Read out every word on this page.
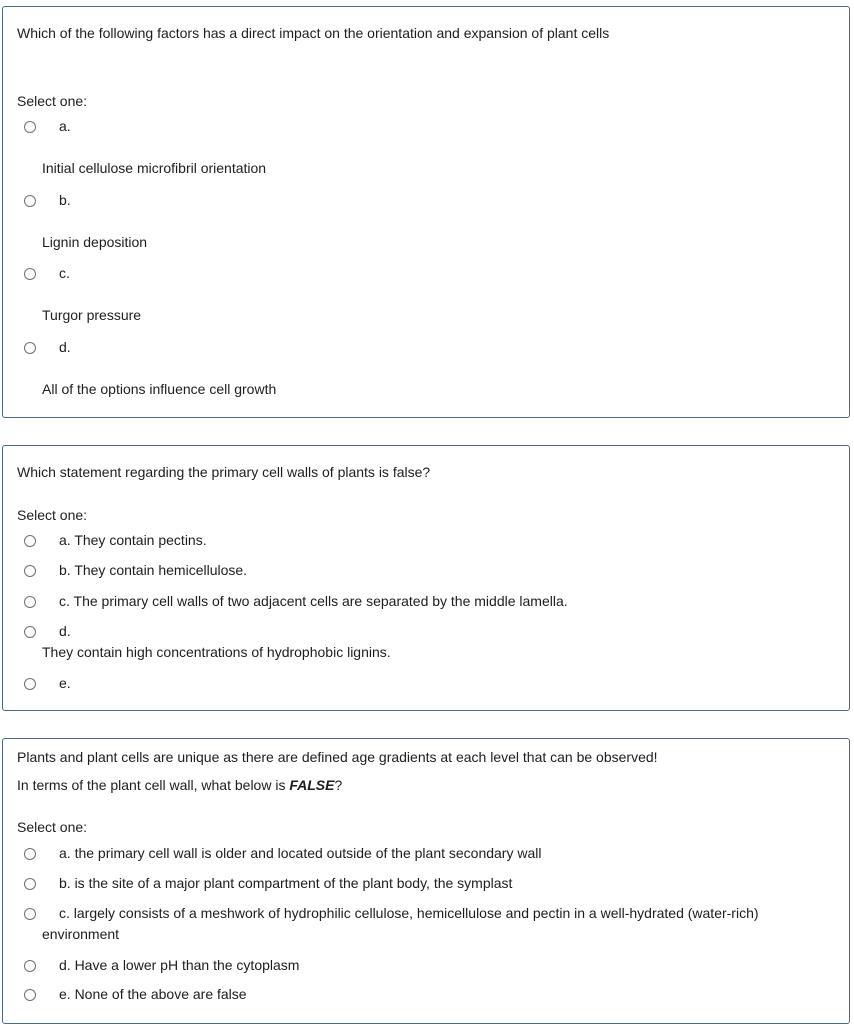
Which of the following factors has a direct impact on the orientation and expansion of plant cells
Select one:
a.
Initial cellulose microfibril orientation
b.
Lignin deposition
c.
Turgor pressure
d.
All of the options influence cell growth
Which statement regarding the primary cell walls of plants is false?
Select one:
a. They contain pectins.
b. They contain hemicellulose.
c. The primary cell walls of two adjacent cells are separated by the middle lamella.
d.
They contain high concentrations of hydrophobic lignins.
e.
Plants and plant cells are unique as there are defined age gradients at each level that can be observed!
In terms of the plant cell wall, what below is FALSE?
Select one:
a. the primary cell wall is older and located outside of the plant secondary wall
b. is the site of a major plant compartment of the plant body, the symplast
c. largely consists of a meshwork of hydrophilic cellulose, hemicellulose and pectin in a well-hydrated (water-rich)
environment
d. Have a lower pH than the cytoplasm
e. None of the above are false
